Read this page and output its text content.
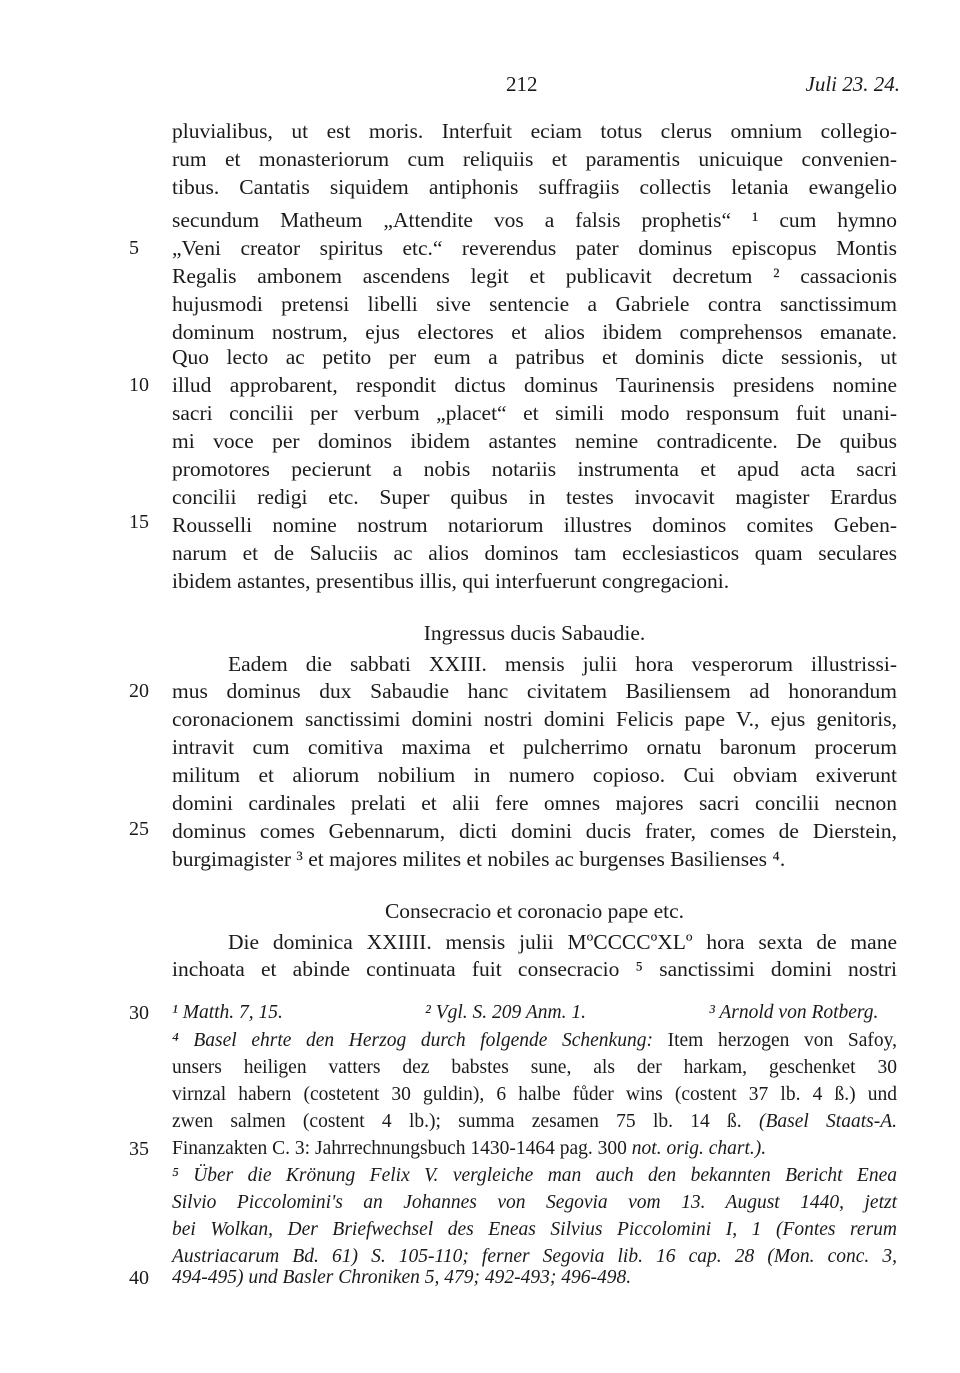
212	Juli 23. 24.
5
10
15
20
25
30
35
40
pluvialibus, ut est moris. Interfuit eciam totus clerus omnium collegio-
rum et monasteriorum cum reliquiis et paramentis unicuique convenien-
tibus. Cantatis siquidem antiphonis suffragiis collectis letania ewangelio
secundum Matheum „Attendite vos a falsis prophetis“ ¹ cum hymno
„Veni creator spiritus etc.“ reverendus pater dominus episcopus Montis
Regalis ambonem ascendens legit et publicavit decretum ² cassacionis
hujusmodi pretensi libelli sive sentencie a Gabriele contra sanctissimum
dominum nostrum, ejus electores et alios ibidem comprehensos emanate.
Quo lecto ac petito per eum a patribus et dominis dicte sessionis, ut
illud approbarent, respondit dictus dominus Taurinensis presidens nomine
sacri concilii per verbum „placet“ et simili modo responsum fuit unani-
mi voce per dominos ibidem astantes nemine contradicente. De quibus
promotores pecierunt a nobis notariis instrumenta et apud acta sacri
concilii redigi etc. Super quibus in testes invocavit magister Erardus
Rousselli nomine nostrum notariorum illustres dominos comites Geben-
narum et de Saluciis ac alios dominos tam ecclesiasticos quam seculares
ibidem astantes, presentibus illis, qui interfuerunt congregacioni.
Ingressus ducis Sabaudie.
Eadem die sabbati XXIII. mensis julii hora vesperorum illustrissi-
mus dominus dux Sabaudie hanc civitatem Basiliensem ad honorandum
coronacionem sanctissimi domini nostri domini Felicis pape V., ejus genitoris,
intravit cum comitiva maxima et pulcherrimo ornatu baronum procerum
militum et aliorum nobilium in numero copioso. Cui obviam exiverunt
domini cardinales prelati et alii fere omnes majores sacri concilii necnon
dominus comes Gebennarum, dicti domini ducis frater, comes de Dierstein,
burgimagister ³ et majores milites et nobiles ac burgenses Basilienses ⁴.
Consecracio et coronacio pape etc.
Die dominica XXIIII. mensis julii MºCCCCºXLº hora sexta de mane
inchoata et abinde continuata fuit consecracio ⁵ sanctissimi domini nostri
¹ Matth. 7, 15.	² Vgl. S. 209 Anm. 1.	³ Arnold von Rotberg.
⁴ Basel ehrte den Herzog durch folgende Schenkung: Item herzogen von Safoy,
unsers heiligen vatters dez babstes sune, als der harkam, geschenket 30
virnzal habern (costetent 30 guldin), 6 halbe fůder wins (costent 37 lb. 4 ß.) und
zwen salmen (costent 4 lb.); summa zesamen 75 lb. 14 ß. (Basel Staats-A.
Finanzakten C. 3: Jahrrechnungsbuch 1430-1464 pag. 300 not. orig. chart.).
⁵ Über die Krönung Felix V. vergleiche man auch den bekannten Bericht Enea
Silvio Piccolomini's an Johannes von Segovia vom 13. August 1440, jetzt
bei Wolkan, Der Briefwechsel des Eneas Silvius Piccolomini I, 1 (Fontes rerum
Austriacarum Bd. 61) S. 105-110; ferner Segovia lib. 16 cap. 28 (Mon. conc. 3,
494-495) und Basler Chroniken 5, 479; 492-493; 496-498.
